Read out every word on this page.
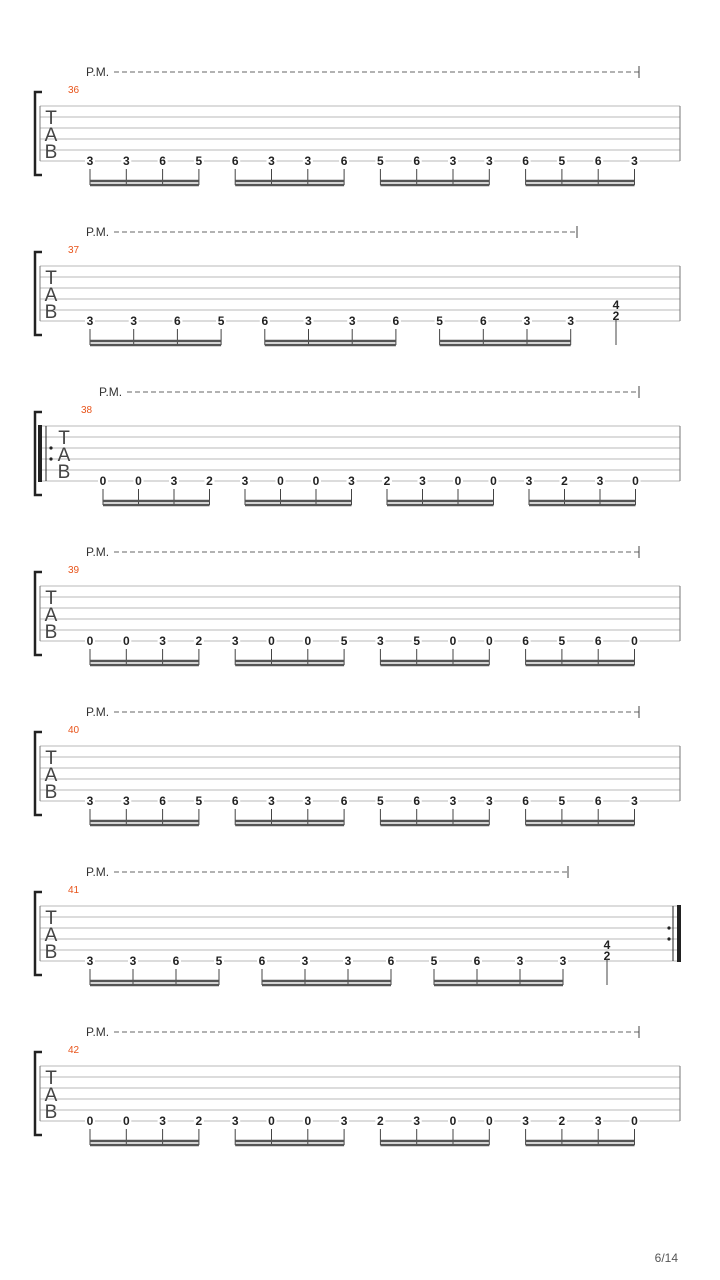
P.M.
36
T
A
B 3 3 6 5 6 3 3 6 5 6 3 3 6 5 6 3
P.M.
37
T
A
B 3	3	6	5	6	3	3	6	5	6	3	3
4
2
P.M.
38
T
A
B 0 0 3 2 3 0 0 3 2 3 0 0 3 2 3 0
P.M.
39
T
A
B 0 0 3 2 3 0 0 5 3 5 0 0 6 5 6 0
P.M.
40
T
A
B 3 3 6 5 6 3 3 6 5 6 3 3 6 5 6 3
P.M.
41
T
A
B 3	3	6	5	6	3	3	6	5	6	3	3
4
2
P.M.
42
T
A
B 0 0 3 2 3 0 0 3 2 3 0 0 3 2 3 0
6/14
